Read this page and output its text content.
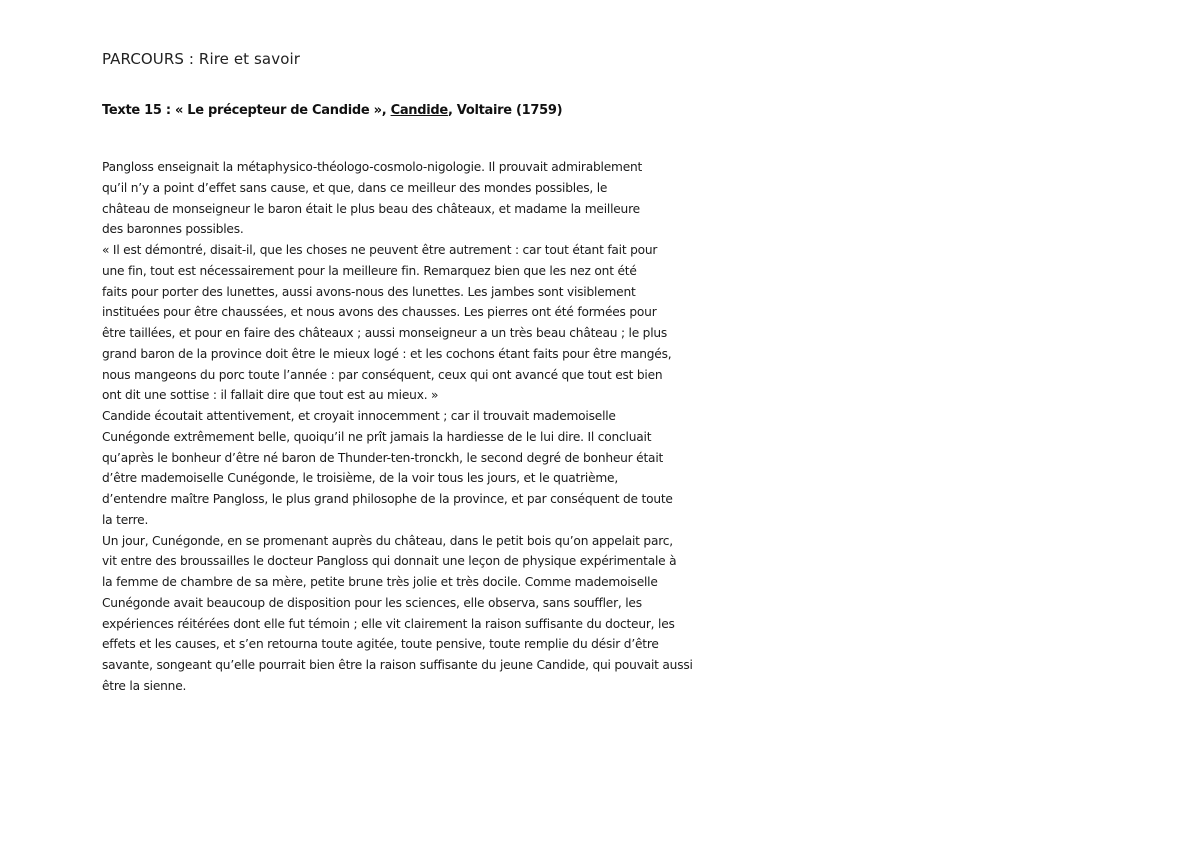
PARCOURS : Rire et savoir
Texte 15 : « Le précepteur de Candide », Candide, Voltaire (1759)
Pangloss enseignait la métaphysico-théologo-cosmolo-nigologie. Il prouvait admirablement
qu’il n’y a point d’effet sans cause, et que, dans ce meilleur des mondes possibles, le
château de monseigneur le baron était le plus beau des châteaux, et madame la meilleure
des baronnes possibles.
« Il est démontré, disait-il, que les choses ne peuvent être autrement : car tout étant fait pour
une fin, tout est nécessairement pour la meilleure fin. Remarquez bien que les nez ont été
faits pour porter des lunettes, aussi avons-nous des lunettes. Les jambes sont visiblement
instituées pour être chaussées, et nous avons des chausses. Les pierres ont été formées pour
être taillées, et pour en faire des châteaux ; aussi monseigneur a un très beau château ; le plus
grand baron de la province doit être le mieux logé : et les cochons étant faits pour être mangés,
nous mangeons du porc toute l’année : par conséquent, ceux qui ont avancé que tout est bien
ont dit une sottise : il fallait dire que tout est au mieux. »
Candide écoutait attentivement, et croyait innocemment ; car il trouvait mademoiselle
Cunégonde extrêmement belle, quoiqu’il ne prît jamais la hardiesse de le lui dire. Il concluait
qu’après le bonheur d’être né baron de Thunder-ten-tronckh, le second degré de bonheur était
d’être mademoiselle Cunégonde, le troisième, de la voir tous les jours, et le quatrième,
d’entendre maître Pangloss, le plus grand philosophe de la province, et par conséquent de toute
la terre.
Un jour, Cunégonde, en se promenant auprès du château, dans le petit bois qu’on appelait parc,
vit entre des broussailles le docteur Pangloss qui donnait une leçon de physique expérimentale à
la femme de chambre de sa mère, petite brune très jolie et très docile. Comme mademoiselle
Cunégonde avait beaucoup de disposition pour les sciences, elle observa, sans souffler, les
expériences réitérées dont elle fut témoin ; elle vit clairement la raison suffisante du docteur, les
effets et les causes, et s’en retourna toute agitée, toute pensive, toute remplie du désir d’être
savante, songeant qu’elle pourrait bien être la raison suffisante du jeune Candide, qui pouvait aussi
être la sienne.
